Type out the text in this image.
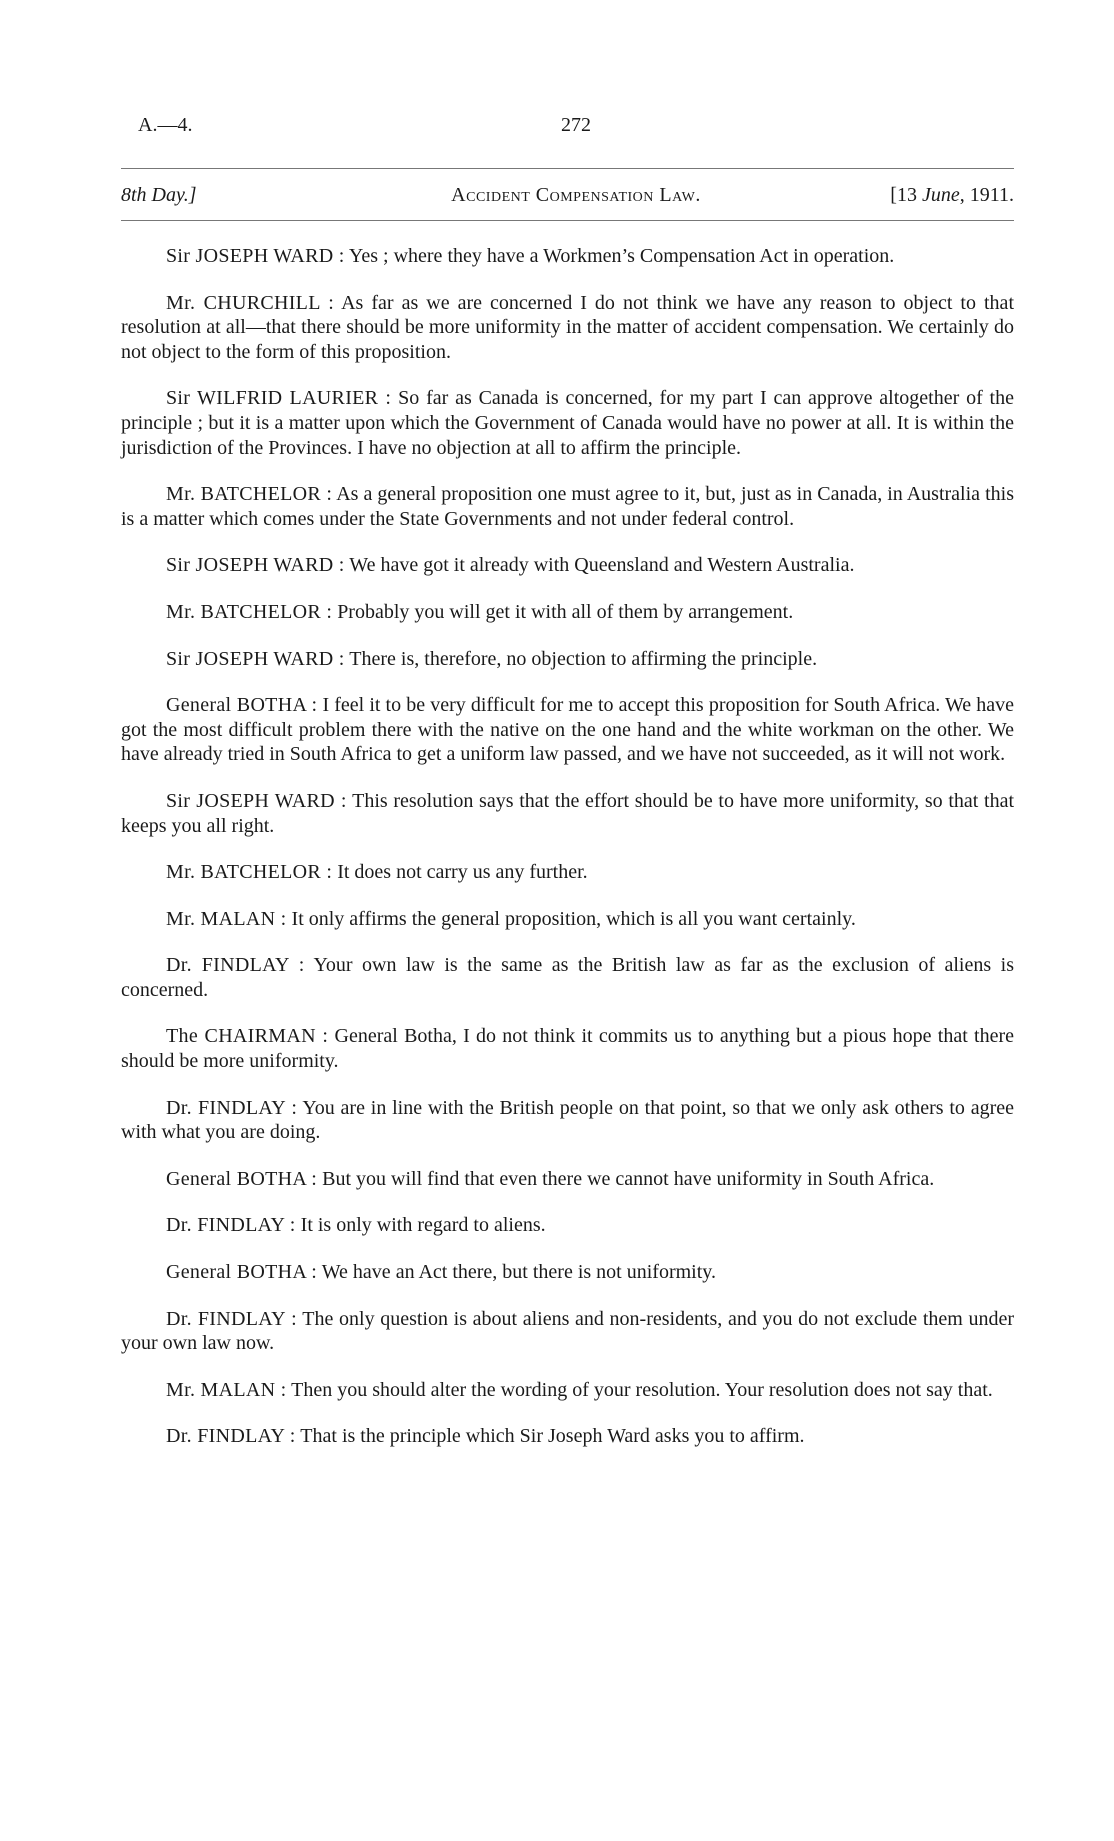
A.—4.	272
8th Day.]	Accident Compensation Law.	[13 June, 1911.

Sir JOSEPH WARD : Yes ; where they have a Workmen’s Compensation Act in operation.

Mr. CHURCHILL : As far as we are concerned I do not think we have any reason to object to that resolution at all—that there should be more uniformity in the matter of accident compensation. We certainly do not object to the form of this proposition.

Sir WILFRID LAURIER : So far as Canada is concerned, for my part I can approve altogether of the principle ; but it is a matter upon which the Government of Canada would have no power at all. It is within the jurisdiction of the Provinces. I have no objection at all to affirm the principle.

Mr. BATCHELOR : As a general proposition one must agree to it, but, just as in Canada, in Australia this is a matter which comes under the State Governments and not under federal control.

Sir JOSEPH WARD : We have got it already with Queensland and Western Australia.

Mr. BATCHELOR : Probably you will get it with all of them by arrangement.

Sir JOSEPH WARD : There is, therefore, no objection to affirming the principle.

General BOTHA : I feel it to be very difficult for me to accept this proposition for South Africa. We have got the most difficult problem there with the native on the one hand and the white workman on the other. We have already tried in South Africa to get a uniform law passed, and we have not succeeded, as it will not work.

Sir JOSEPH WARD : This resolution says that the effort should be to have more uniformity, so that that keeps you all right.

Mr. BATCHELOR : It does not carry us any further.

Mr. MALAN : It only affirms the general proposition, which is all you want certainly.

Dr. FINDLAY : Your own law is the same as the British law as far as the exclusion of aliens is concerned.

The CHAIRMAN : General Botha, I do not think it commits us to anything but a pious hope that there should be more uniformity.

Dr. FINDLAY : You are in line with the British people on that point, so that we only ask others to agree with what you are doing.

General BOTHA : But you will find that even there we cannot have uniformity in South Africa.

Dr. FINDLAY : It is only with regard to aliens.

General BOTHA : We have an Act there, but there is not uniformity.

Dr. FINDLAY : The only question is about aliens and non-residents, and you do not exclude them under your own law now.

Mr. MALAN : Then you should alter the wording of your resolution. Your resolution does not say that.

Dr. FINDLAY : That is the principle which Sir Joseph Ward asks you to affirm.
